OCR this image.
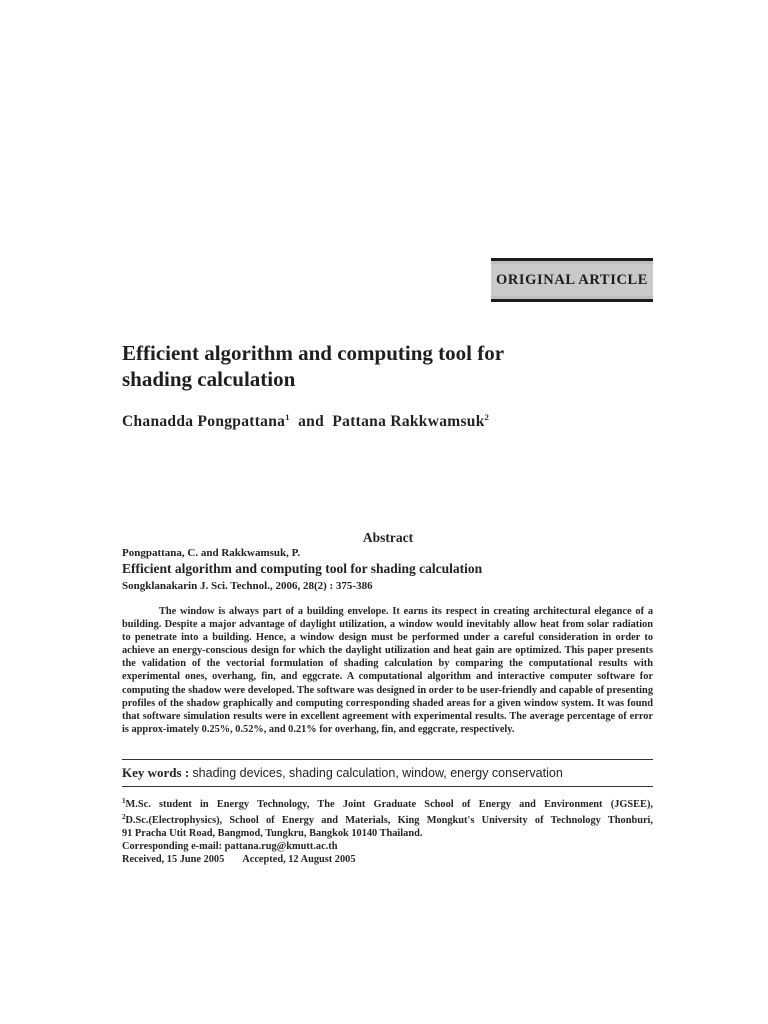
ORIGINAL ARTICLE
Efficient algorithm and computing tool for
shading calculation
Chanadda Pongpattana$^1$ and Pattana Rakkwamsuk$^2$
Abstract
Pongpattana, C. and Rakkwamsuk, P.
Efficient algorithm and computing tool for shading calculation
Songklanakarin J. Sci. Technol., 2006, 28(2) : 375-386
The window is always part of a building envelope. It earns its respect in creating architectural elegance of a building. Despite a major advantage of daylight utilization, a window would inevitably allow heat from solar radiation to penetrate into a building. Hence, a window design must be performed under a careful consideration in order to achieve an energy-conscious design for which the daylight utilization and heat gain are optimized. This paper presents the validation of the vectorial formulation of shading calculation by comparing the computational results with experimental ones, overhang, fin, and eggcrate. A computational algorithm and interactive computer software for computing the shadow were developed. The software was designed in order to be user-friendly and capable of presenting profiles of the shadow graphically and computing corresponding shaded areas for a given window system. It was found that software simulation results were in excellent agreement with experimental results. The average percentage of error is approx-imately 0.25%, 0.52%, and 0.21% for overhang, fin, and eggcrate, respectively.
Key words : shading devices, shading calculation, window, energy conservation
$^1$M.Sc. student in Energy Technology, The Joint Graduate School of Energy and Environment (JGSEE),
$^2$D.Sc.(Electrophysics), School of Energy and Materials, King Mongkut's University of Technology Thonburi,
91 Pracha Utit Road, Bangmod, Tungkru, Bangkok 10140 Thailand.
Corresponding e-mail: pattana.rug@kmutt.ac.th
Received, 15 June 2005 Accepted, 12 August 2005
